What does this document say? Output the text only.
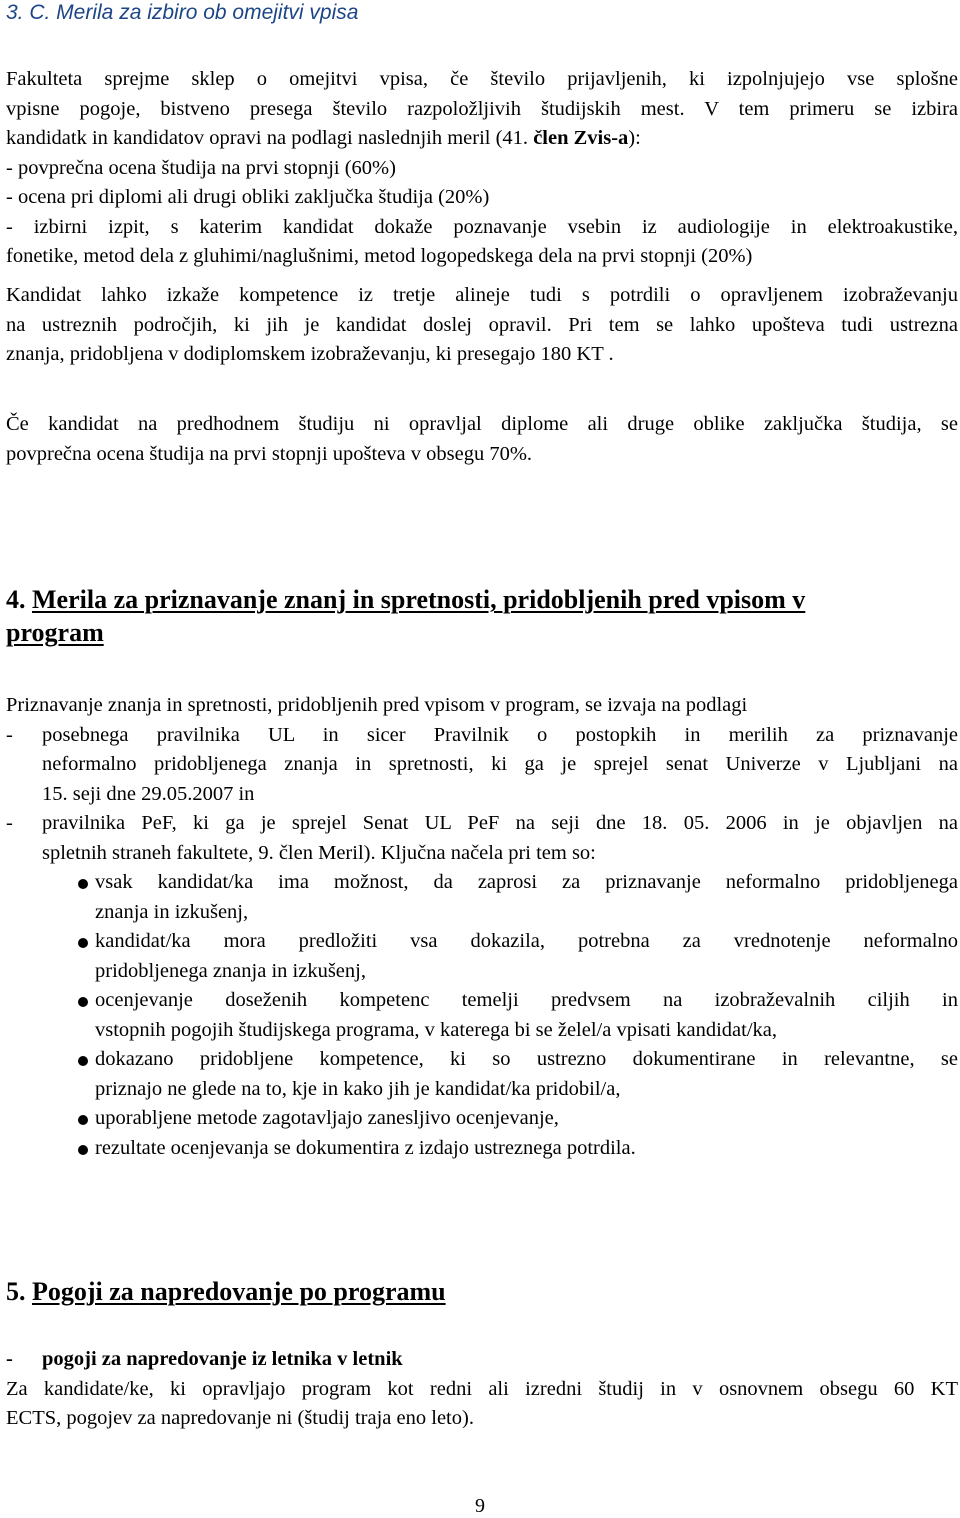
3. C. Merila za izbiro ob omejitvi vpisa
Fakulteta sprejme sklep o omejitvi vpisa, če število prijavljenih, ki izpolnjujejo vse splošne
vpisne pogoje, bistveno presega število razpoložljivih študijskih mest. V tem primeru se izbira
kandidatk in kandidatov opravi na podlagi naslednjih meril (41. člen Zvis-a):
- povprečna ocena študija na prvi stopnji (60%)
- ocena pri diplomi ali drugi obliki zaključka študija (20%)
- izbirni izpit, s katerim kandidat dokaže poznavanje vsebin iz audiologije in elektroakustike,
fonetike, metod dela z gluhimi/naglušnimi, metod logopedskega dela na prvi stopnji (20%)
Kandidat lahko izkaže kompetence iz tretje alineje tudi s potrdili o opravljenem izobraževanju
na ustreznih področjih, ki jih je kandidat doslej opravil. Pri tem se lahko upošteva tudi ustrezna
znanja, pridobljena v dodiplomskem izobraževanju, ki presegajo 180 KT .
Če kandidat na predhodnem študiju ni opravljal diplome ali druge oblike zaključka študija, se
povprečna ocena študija na prvi stopnji upošteva v obsegu 70%.
4. Merila za priznavanje znanj in spretnosti, pridobljenih pred vpisom v
program
Priznavanje znanja in spretnosti, pridobljenih pred vpisom v program, se izvaja na podlagi
- posebnega pravilnika UL in sicer Pravilnik o postopkih in merilih za priznavanje
neformalno pridobljenega znanja in spretnosti, ki ga je sprejel senat Univerze v Ljubljani na
15. seji dne 29.05.2007 in
- pravilnika PeF, ki ga je sprejel Senat UL PeF na seji dne 18. 05. 2006 in je objavljen na
spletnih straneh fakultete, 9. člen Meril). Ključna načela pri tem so:
vsak kandidat/ka ima možnost, da zaprosi za priznavanje neformalno pridobljenega
znanja in izkušenj,
kandidat/ka mora predložiti vsa dokazila, potrebna za vrednotenje neformalno
pridobljenega znanja in izkušenj,
ocenjevanje doseženih kompetenc temelji predvsem na izobraževalnih ciljih in
vstopnih pogojih študijskega programa, v katerega bi se želel/a vpisati kandidat/ka,
dokazano pridobljene kompetence, ki so ustrezno dokumentirane in relevantne, se
priznajo ne glede na to, kje in kako jih je kandidat/ka pridobil/a,
uporabljene metode zagotavljajo zanesljivo ocenjevanje,
rezultate ocenjevanja se dokumentira z izdajo ustreznega potrdila.
5. Pogoji za napredovanje po programu
- pogoji za napredovanje iz letnika v letnik
Za kandidate/ke, ki opravljajo program kot redni ali izredni študij in v osnovnem obsegu 60 KT
ECTS, pogojev za napredovanje ni (študij traja eno leto).
9
